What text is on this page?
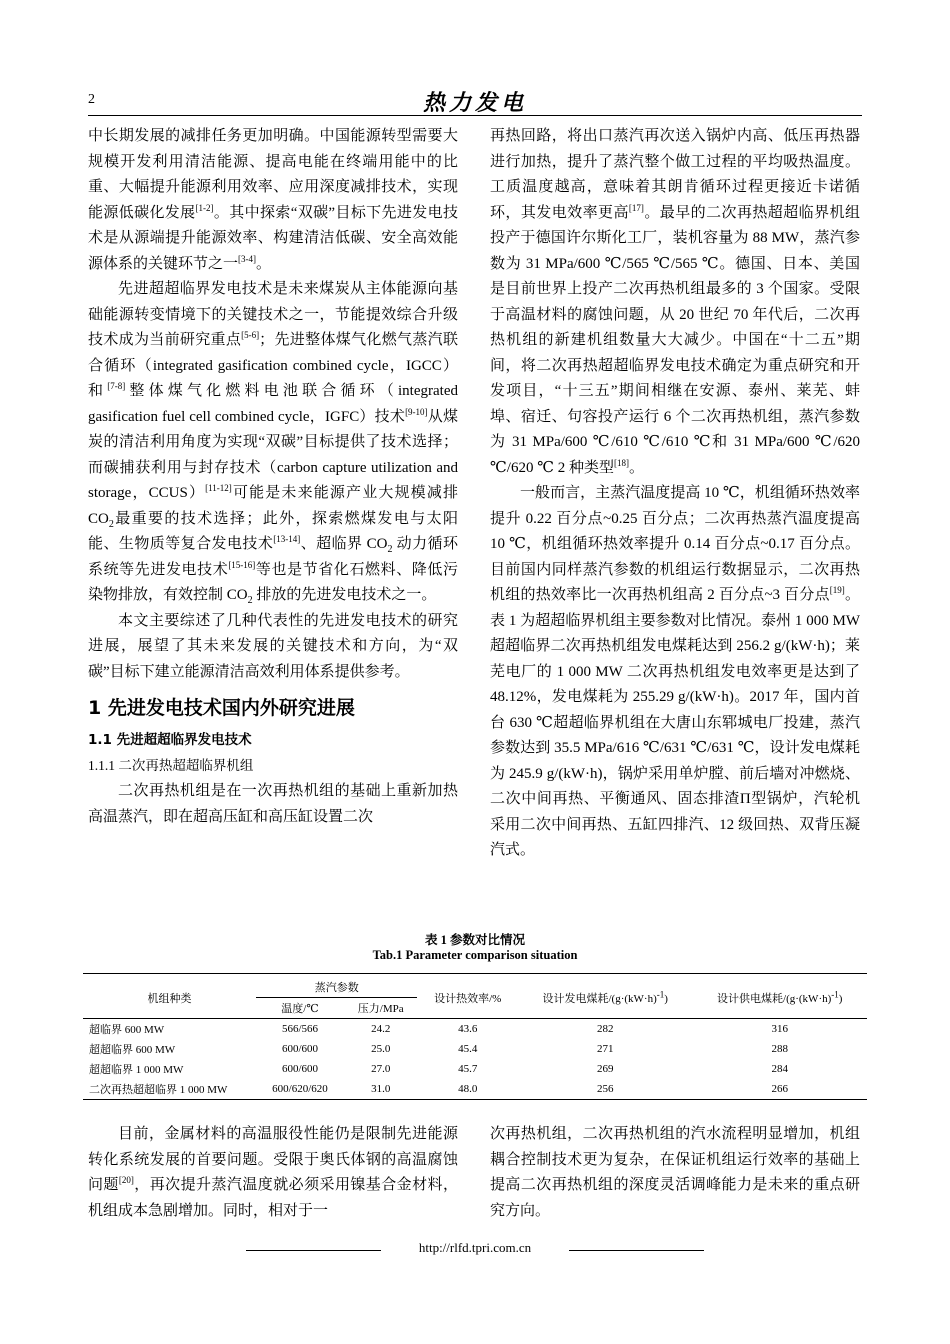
2	热力发电

中长期发展的减排任务更加明确。中国能源转型需要大规模开发利用清洁能源、提高电能在终端用能中的比重、大幅提升能源利用效率、应用深度减排技术，实现能源低碳化发展[1-2]。其中探索“双碳”目标下先进发电技术是从源端提升能源效率、构建清洁低碳、安全高效能源体系的关键环节之一[3-4]。

先进超超临界发电技术是未来煤炭从主体能源向基础能源转变情境下的关键技术之一，节能提效综合升级技术成为当前研究重点[5-6]；先进整体煤气化燃气蒸汽联合循环（integrated gasification combined cycle，IGCC）和[7-8]整体煤气化燃料电池联合循环（integrated gasification fuel cell combined cycle，IGFC）技术[9-10]从煤炭的清洁利用角度为实现“双碳”目标提供了技术选择；而碳捕获利用与封存技术（carbon capture utilization and storage，CCUS）[11-12]可能是未来能源产业大规模减排 $CO_2$最重要的技术选择；此外，探索燃煤发电与太阳能、生物质等复合发电技术[13-14]、超临界 $CO_2$ 动力循环系统等先进发电技术[15-16]等也是节省化石燃料、降低污染物排放，有效控制 $CO_2$ 排放的先进发电技术之一。

本文主要综述了几种代表性的先进发电技术的研究进展，展望了其未来发展的关键技术和方向，为“双碳”目标下建立能源清洁高效利用体系提供参考。

1 先进发电技术国内外研究进展
1.1 先进超超临界发电技术
1.1.1 二次再热超超临界机组

二次再热机组是在一次再热机组的基础上重新加热高温蒸汽，即在超高压缸和高压缸设置二次

再热回路，将出口蒸汽再次送入锅炉内高、低压再热器进行加热，提升了蒸汽整个做工过程的平均吸热温度。工质温度越高，意味着其朗肯循环过程更接近卡诺循环，其发电效率更高[17]。最早的二次再热超超临界机组投产于德国许尔斯化工厂，装机容量为 88 MW，蒸汽参数为 31 MPa/600 ℃/565 ℃/565 ℃。德国、日本、美国是目前世界上投产二次再热机组最多的 3 个国家。受限于高温材料的腐蚀问题，从 20 世纪 70 年代后，二次再热机组的新建机组数量大大减少。中国在“十二五”期间，将二次再热超超临界发电技术确定为重点研究和开发项目，“十三五”期间相继在安源、泰州、莱芜、蚌埠、宿迁、句容投产运行 6 个二次再热机组，蒸汽参数为 31 MPa/600 ℃/610 ℃/610 ℃和 31 MPa/600 ℃/620 ℃/620 ℃ 2 种类型[18]。

一般而言，主蒸汽温度提高 10 ℃，机组循环热效率提升 0.22 百分点~0.25 百分点；二次再热蒸汽温度提高 10 ℃，机组循环热效率提升 0.14 百分点~0.17 百分点。目前国内同样蒸汽参数的机组运行数据显示，二次再热机组的热效率比一次再热机组高 2 百分点~3 百分点[19]。表 1 为超超临界机组主要参数对比情况。泰州 1 000 MW 超超临界二次再热机组发电煤耗达到 256.2 g/(kW·h)；莱芜电厂的 1 000 MW 二次再热机组发电效率更是达到了 48.12%，发电煤耗为 255.29 g/(kW·h)。2017 年，国内首台 630 ℃超超临界机组在大唐山东郓城电厂投建，蒸汽参数达到 35.5 MPa/616 ℃/631 ℃/631 ℃，设计发电煤耗为 245.9 g/(kW·h)，锅炉采用单炉膛、前后墙对冲燃烧、二次中间再热、平衡通风、固态排渣Π型锅炉，汽轮机采用二次中间再热、五缸四排汽、12 级回热、双背压凝汽式。

表 1 参数对比情况
Tab.1 Parameter comparison situation
机组种类	蒸汽参数		设计热效率/%	设计发电煤耗$/(g\cdot(kW\cdot h)^{-1})$	设计供电煤耗$/(g\cdot(kW\cdot h)^{-1})$
	温度/℃	压力/MPa			
超临界 600 MW	566/566	24.2	43.6	282	316
超超临界 600 MW	600/600	25.0	45.4	271	288
超超临界 1 000 MW	600/600	27.0	45.7	269	284
二次再热超超临界 1 000 MW	600/620/620	31.0	48.0	256	266

目前，金属材料的高温服役性能仍是限制先进能源转化系统发展的首要问题。受限于奥氏体钢的高温腐蚀问题[20]，再次提升蒸汽温度就必须采用镍基合金材料，机组成本急剧增加。同时，相对于一

次再热机组，二次再热机组的汽水流程明显增加，机组耦合控制技术更为复杂，在保证机组运行效率的基础上提高二次再热机组的深度灵活调峰能力是未来的重点研究方向。

http://rlfd.tpri.com.cn
